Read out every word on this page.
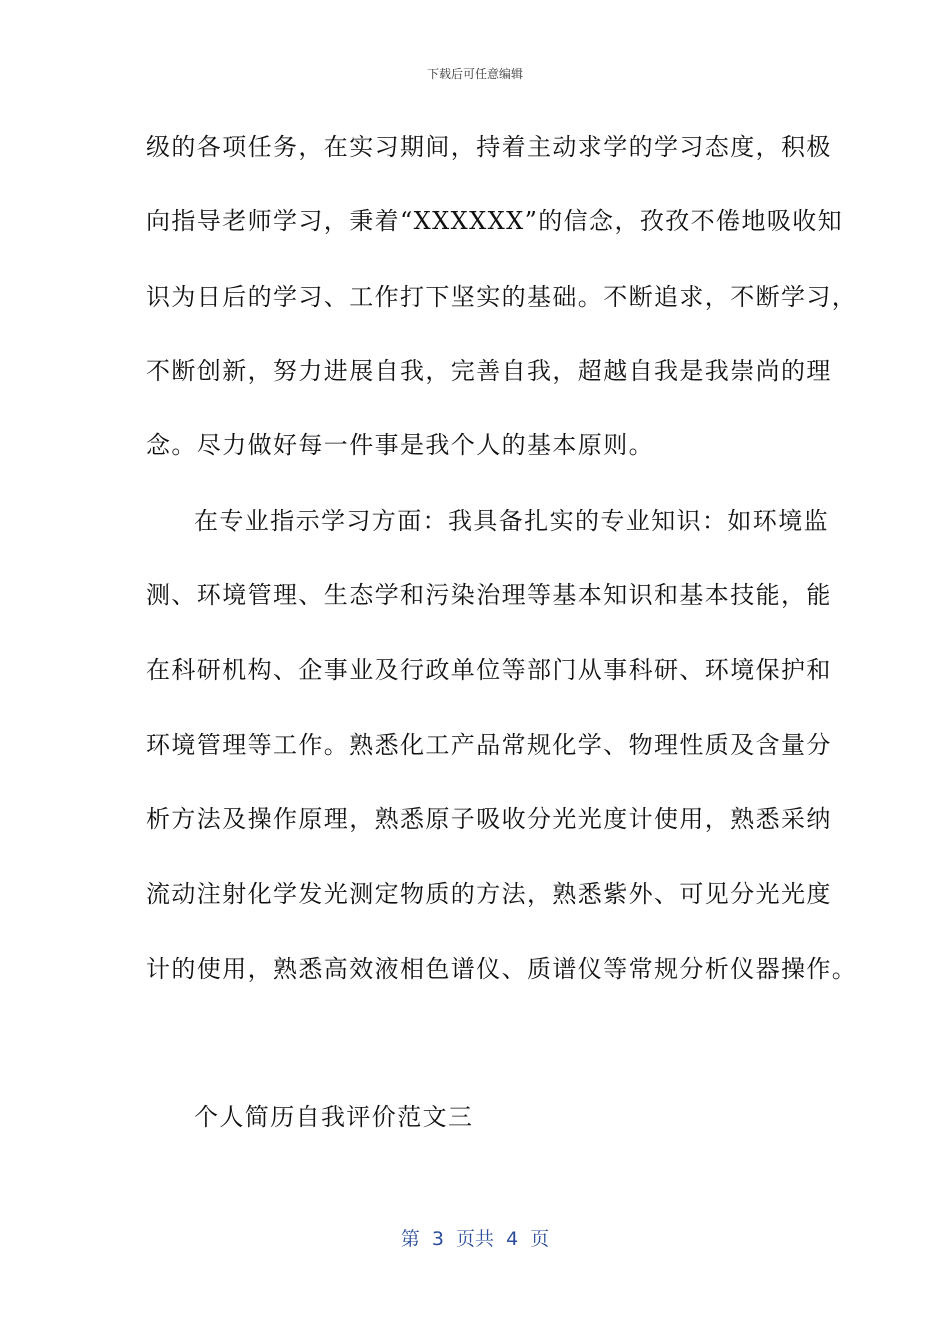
下载后可任意编辑
级的各项任务，在实习期间，持着主动求学的学习态度，积极
向指导老师学习，秉着“XXXXXX”的信念，孜孜不倦地吸收知
识为日后的学习、工作打下坚实的基础。不断追求，不断学习，
不断创新，努力进展自我，完善自我，超越自我是我崇尚的理
念。尽力做好每一件事是我个人的基本原则。
在专业指示学习方面：我具备扎实的专业知识：如环境监
测、环境管理、生态学和污染治理等基本知识和基本技能，能
在科研机构、企事业及行政单位等部门从事科研、环境保护和
环境管理等工作。熟悉化工产品常规化学、物理性质及含量分
析方法及操作原理，熟悉原子吸收分光光度计使用，熟悉采纳
流动注射化学发光测定物质的方法，熟悉紫外、可见分光光度
计的使用，熟悉高效液相色谱仪、质谱仪等常规分析仪器操作。
个人简历自我评价范文三
第  3  页共  4  页
